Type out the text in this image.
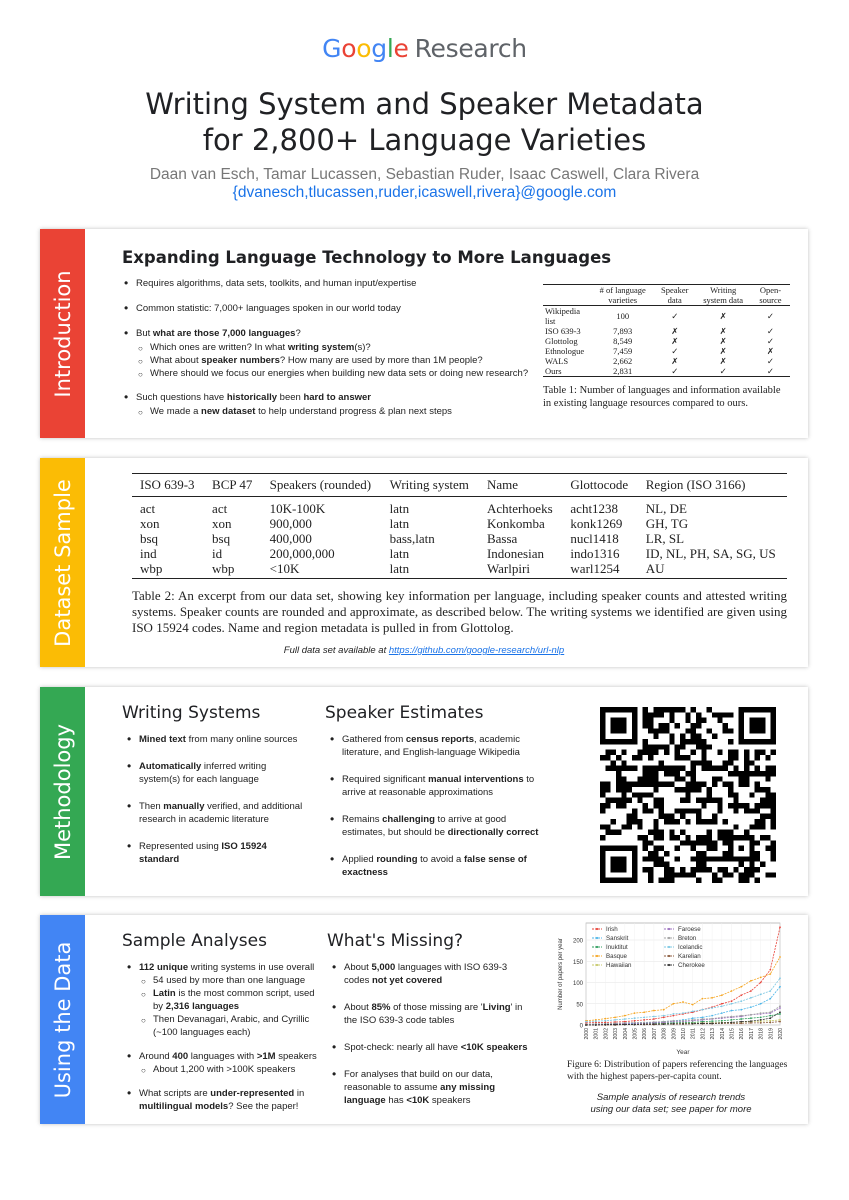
Google Research
Writing System and Speaker Metadata
for 2,800+ Language Varieties
Daan van Esch, Tamar Lucassen, Sebastian Ruder, Isaac Caswell, Clara Rivera
{dvanesch,tlucassen,ruder,icaswell,rivera}@google.com
Introduction
Expanding Language Technology to More Languages
• Requires algorithms, data sets, toolkits, and human input/expertise
• Common statistic: 7,000+ languages spoken in our world today
• But what are those 7,000 languages?
○ Which ones are written? In what writing system(s)?
○ What about speaker numbers? How many are used by more than 1M people?
○ Where should we focus our energies when building new data sets or doing new research?
• Such questions have historically been hard to answer
○ We made a new dataset to help understand progress & plan next steps
	# of language varieties	Speaker data	Writing system data	Open-source
Wikipedia list	100	✓	✗	✓
ISO 639-3	7,893	✗	✗	✓
Glottolog	8,549	✗	✗	✓
Ethnologue	7,459	✓	✗	✗
WALS	2,662	✗	✗	✓
Ours	2,831	✓	✓	✓
Table 1: Number of languages and information available in existing language resources compared to ours.
Dataset Sample	ISO 639-3	BCP 47	Speakers (rounded)	Writing system	Name	Glottocode	Region (ISO 3166)
act	act	10K-100K	latn	Achterhoeks	acht1238	NL, DE
xon	xon	900,000	latn	Konkomba	konk1269	GH, TG
bsq	bsq	400,000	bass,latn	Bassa	nucl1418	LR, SL
ind	id	200,000,000	latn	Indonesian	indo1316	ID, NL, PH, SA, SG, US
wbp	wbp	<10K	latn	Warlpiri	warl1254	AU
Table 2: An excerpt from our data set, showing key information per language, including speaker counts and attested writing systems. Speaker counts are rounded and approximate, as described below. The writing systems we identified are given using ISO 15924 codes. Name and region metadata is pulled in from Glottolog.
Full data set available at https://github.com/google-research/url-nlp
Methodology
Writing Systems
• Mined text from many online sources
• Automatically inferred writing system(s) for each language
• Then manually verified, and additional research in academic literature
• Represented using ISO 15924 standard
Speaker Estimates
• Gathered from census reports, academic literature, and English-language Wikipedia
• Required significant manual interventions to arrive at reasonable approximations
• Remains challenging to arrive at good estimates, but should be directionally correct
• Applied rounding to avoid a false sense of exactness
Using the Data
Sample Analyses
• 112 unique writing systems in use overall
○ 54 used by more than one language
○ Latin is the most common script, used by 2,316 languages
○ Then Devanagari, Arabic, and Cyrillic (~100 languages each)
• Around 400 languages with >1M speakers
○ About 1,200 with >100K speakers
• What scripts are under-represented in multilingual models? See the paper!
What's Missing?
• About 5,000 languages with ISO 639-3 codes not yet covered
• About 85% of those missing are 'Living' in the ISO 639-3 code tables
• Spot-check: nearly all have <10K speakers
• For analyses that build on our data, reasonable to assume any missing language has <10K speakers
0
50
100
150
200
2000 2001 2002 2003 2004 2005 2006 2007 2008 2009 2010 2011 2012 2013 2014 2015 2016 2017 2018 2019 2020
Year
Number of papers per year
Irish
Sanskrit
Inuktitut
Basque
Hawaiian
Faroese
Breton
Icelandic
Karelian
Cherokee
Figure 6: Distribution of papers referencing the languages with the highest papers-per-capita count.
Sample analysis of research trends
using our data set; see paper for more
